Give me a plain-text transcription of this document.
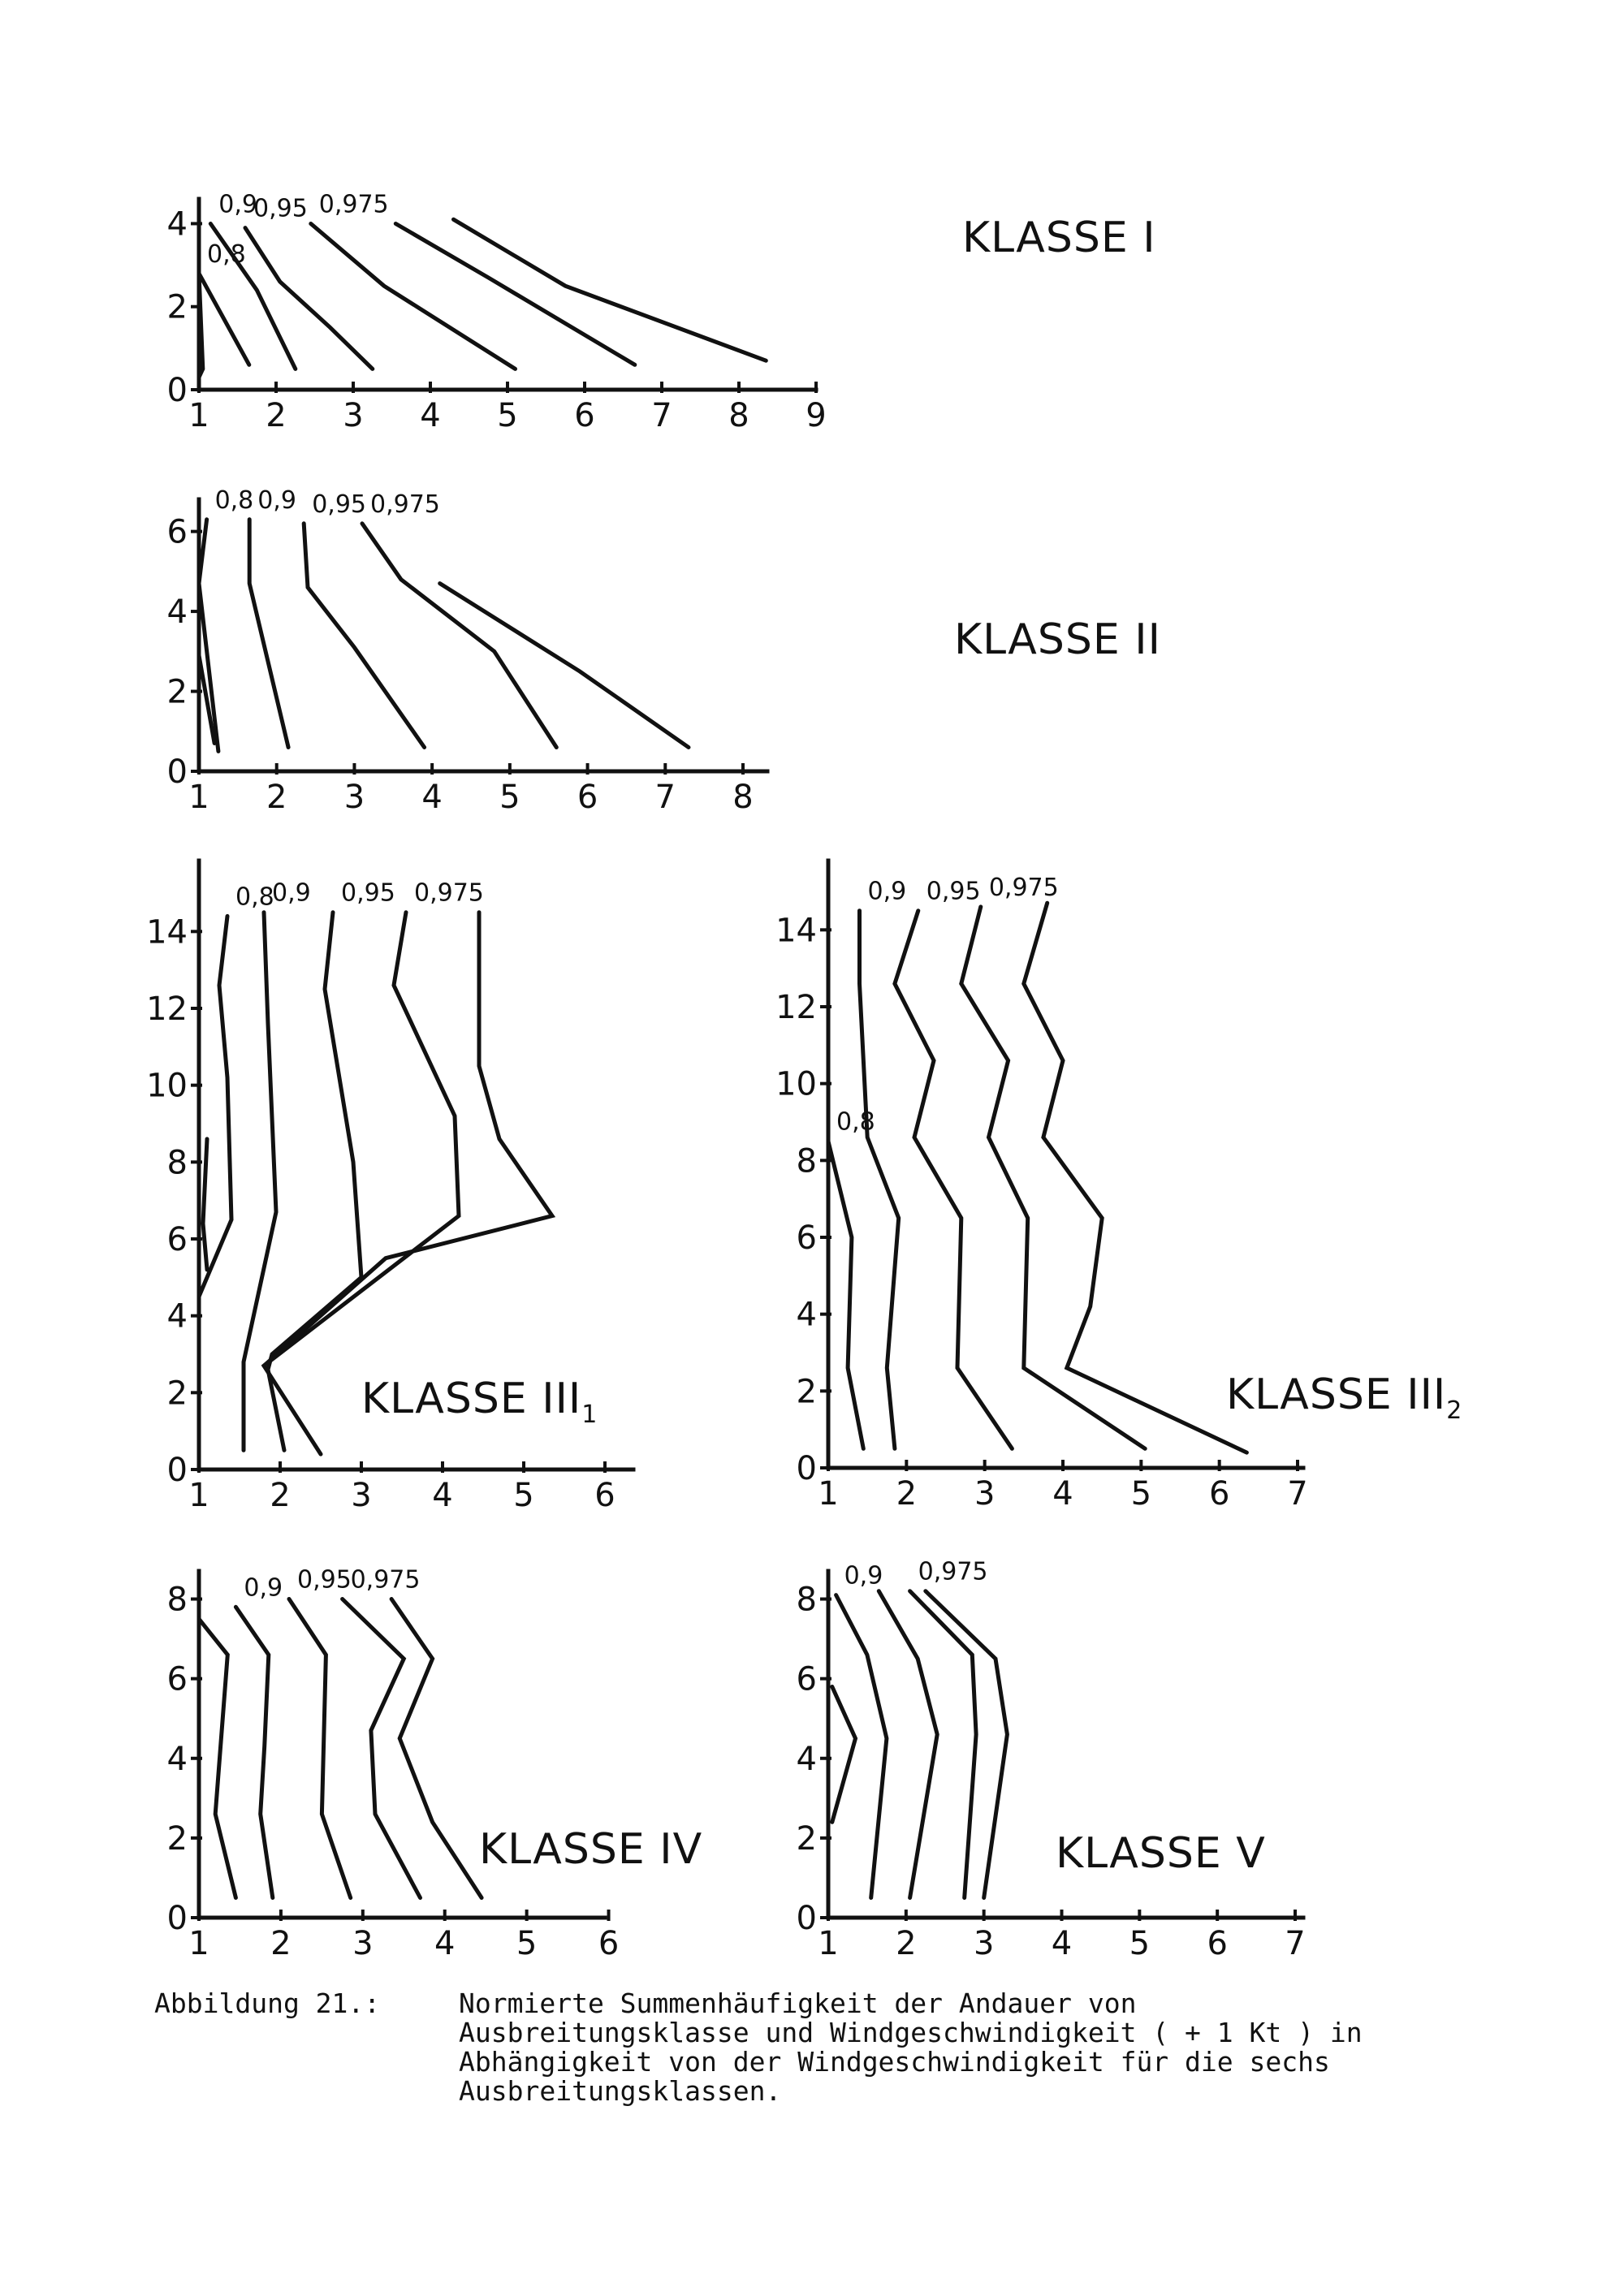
1 2 3 4 5 6 7 8 9
0
2
4
0,8
0,9
0,95 0,975
KLASSE I
1 2 3 4 5 6 7 8
0
2
4
6
0,8 0,9 0,95 0,975
KLASSE II
1 2 3 4 5 6
0
2
4
6
8
10
12
14
0,8
0,9 0,95 0,975
KLASSE $III_1$
1 2 3 4 5 6 7
0
2
4
6
8
10
12
14
0,8
0,9 0,95 0,975
KLASSE $III_2$
1 2 3 4 5 6
0
2
4
6
8 0,9 0,95
0,975
KLASSE IV
1 2 3 4 5 6 7
0
2
4
6
8
0,9 0,975
KLASSE V
Abbildung 21.:	Normierte Summenhäufigkeit der Andauer von Ausbreitungsklasse und Windgeschwindigkeit ( + 1 Kt ) in Abhängigkeit von der Windgeschwindigkeit für die sechs Ausbreitungsklassen.
